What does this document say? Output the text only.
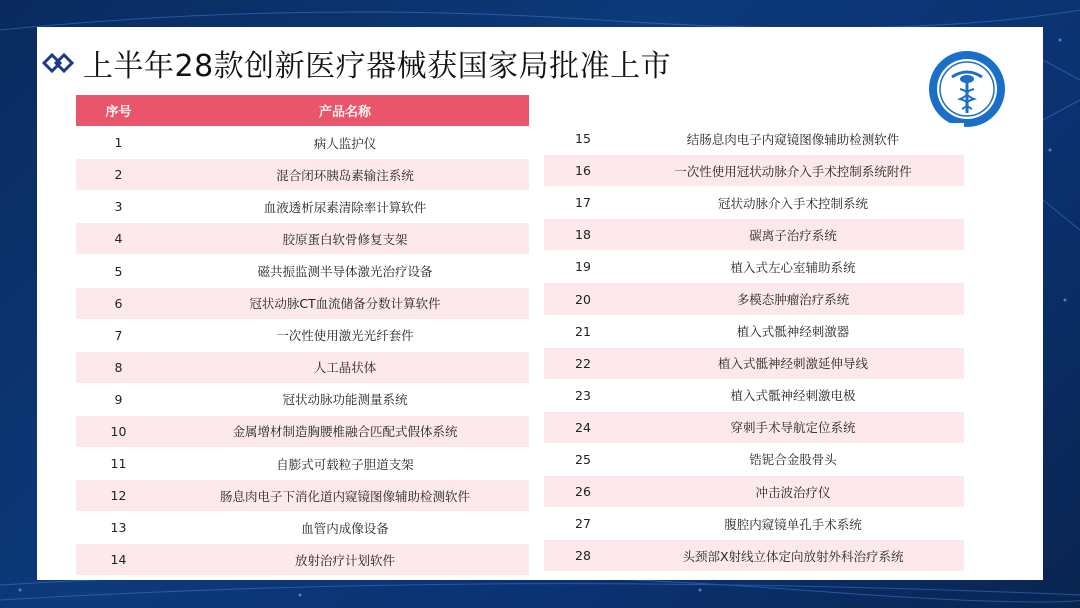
上半年28款创新医疗器械获国家局批准上市
序号	产品名称
1	病人监护仪
2	混合闭环胰岛素输注系统
3	血液透析尿素清除率计算软件
4	胶原蛋白软骨修复支架
5	磁共振监测半导体激光治疗设备
6	冠状动脉CT血流储备分数计算软件
7	一次性使用激光光纤套件
8	人工晶状体
9	冠状动脉功能测量系统
10	金属增材制造胸腰椎融合匹配式假体系统
11	自膨式可载粒子胆道支架
12	肠息肉电子下消化道内窥镜图像辅助检测软件
13	血管内成像设备
14	放射治疗计划软件
15	结肠息肉电子内窥镜图像辅助检测软件
16	一次性使用冠状动脉介入手术控制系统附件
17	冠状动脉介入手术控制系统
18	碳离子治疗系统
19	植入式左心室辅助系统
20	多模态肿瘤治疗系统
21	植入式骶神经刺激器
22	植入式骶神经刺激延伸导线
23	植入式骶神经刺激电极
24	穿刺手术导航定位系统
25	锆铌合金股骨头
26	冲击波治疗仪
27	腹腔内窥镜单孔手术系统
28	头颈部X射线立体定向放射外科治疗系统
